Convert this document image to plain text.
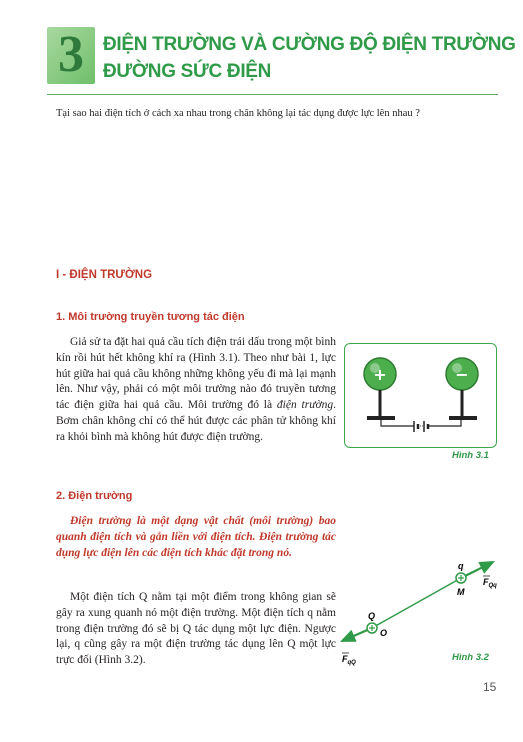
3	ĐIỆN TRƯỜNG VÀ CƯỜNG ĐỘ ĐIỆN TRƯỜNG
ĐƯỜNG SỨC ĐIỆN
Tại sao hai điện tích ở cách xa nhau trong chân không lại tác dụng được lực lên nhau ?
I - ĐIỆN TRƯỜNG
1. Môi trường truyền tương tác điện

Giả sử ta đặt hai quả cầu tích điện trái dấu trong một bình kín rồi hút hết không khí ra (Hình 3.1). Theo như bài 1, lực hút giữa hai quả cầu không những không yếu đi mà lại mạnh lên. Như vậy, phải có một môi trường nào đó truyền tương tác điện giữa hai quả cầu. Môi trường đó là điện trường. Bơm chân không chỉ có thể hút được các phân tử không khí ra khỏi bình mà không hút được điện trường.

+	−
Hình 3.1
2. Điện trường
Điện trường là một dạng vật chất (môi trường) bao quanh điện tích và gắn liền với điện tích. Điện trường tác dụng lực điện lên các điện tích khác đặt trong nó.

Một điện tích Q nằm tại một điểm trong không gian sẽ gây ra xung quanh nó một điện trường. Một điện tích q nằm trong điện trường đó sẽ bị Q tác dụng một lực điện. Ngược lại, q cũng gây ra một điện trường tác dụng lên Q một lực trực đối (Hình 3.2).

q
M
Q
O
$F_{Qq}$
$F_{qQ}$	Hình 3.2
15
